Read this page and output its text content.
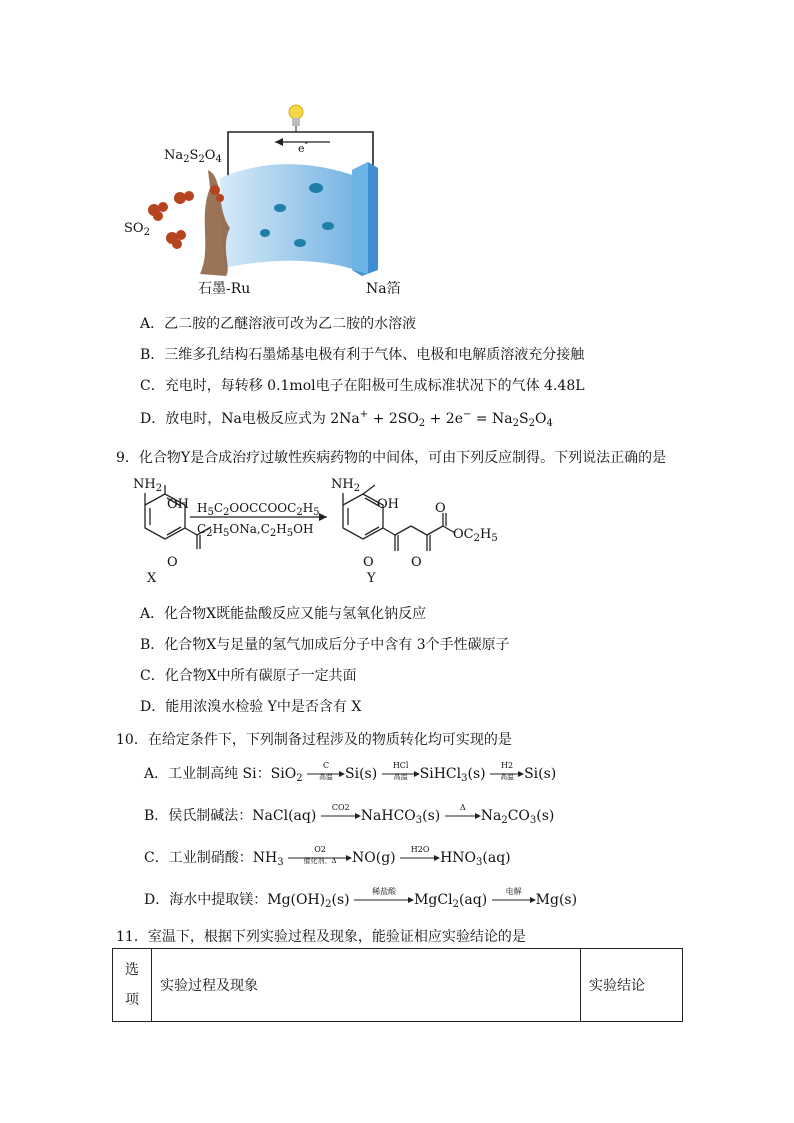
$Na_2S_2O_4$
$SO_2$
e-
石墨-Ru	Na箔
A．乙二胺的乙醚溶液可改为乙二胺的水溶液
B．三维多孔结构石墨烯基电极有利于气体、电极和电解质溶液充分接触
C．充电时，每转移 0.1mol电子在阳极可生成标准状况下的气体 4.48L
D．放电时，Na电极反应式为 $2Na^+ + 2SO_2 + 2e^- = Na_2S_2O_4$
9．化合物Y是合成治疗过敏性疾病药物的中间体，可由下列反应制得。下列说法正确的是
$NH_2$
OH
O
X
$H_5C_2OOCCOOC_2H_5$
$C_2H_5ONa,C_2H_5OH$
$NH_2$
OH
O	O
O
$OC_2H_5$
Y
A．化合物X既能盐酸反应又能与氢氧化钠反应
B．化合物X与足量的氢气加成后分子中含有 3个手性碳原子
C．化合物X中所有碳原子一定共面
D．能用浓溴水检验 Y中是否含有 X
10．在给定条件下，下列制备过程涉及的物质转化均可实现的是
A．工业制高纯 Si：SiO$_2$
C
高温 Si(s)
HCl
高温 SiHCl$_3$(s)
H2
高温 Si(s)
B．侯氏制碱法：NaCl(aq)
CO2
NaHCO$_3$(s)
Δ
$Na_2CO_3(s)$
C．工业制硝酸：$NH_3$
O2
催化剂、Δ	NO(g)
H2O
$HNO_3(aq)$
D．海水中提取镁：$Mg(OH)_2(s)$
稀盐酸
MgCl$_2$(aq)
电解
Mg(s)
11．室温下，根据下列实验过程及现象，能验证相应实验结论的是
选
项	实验过程及现象	实验结论
